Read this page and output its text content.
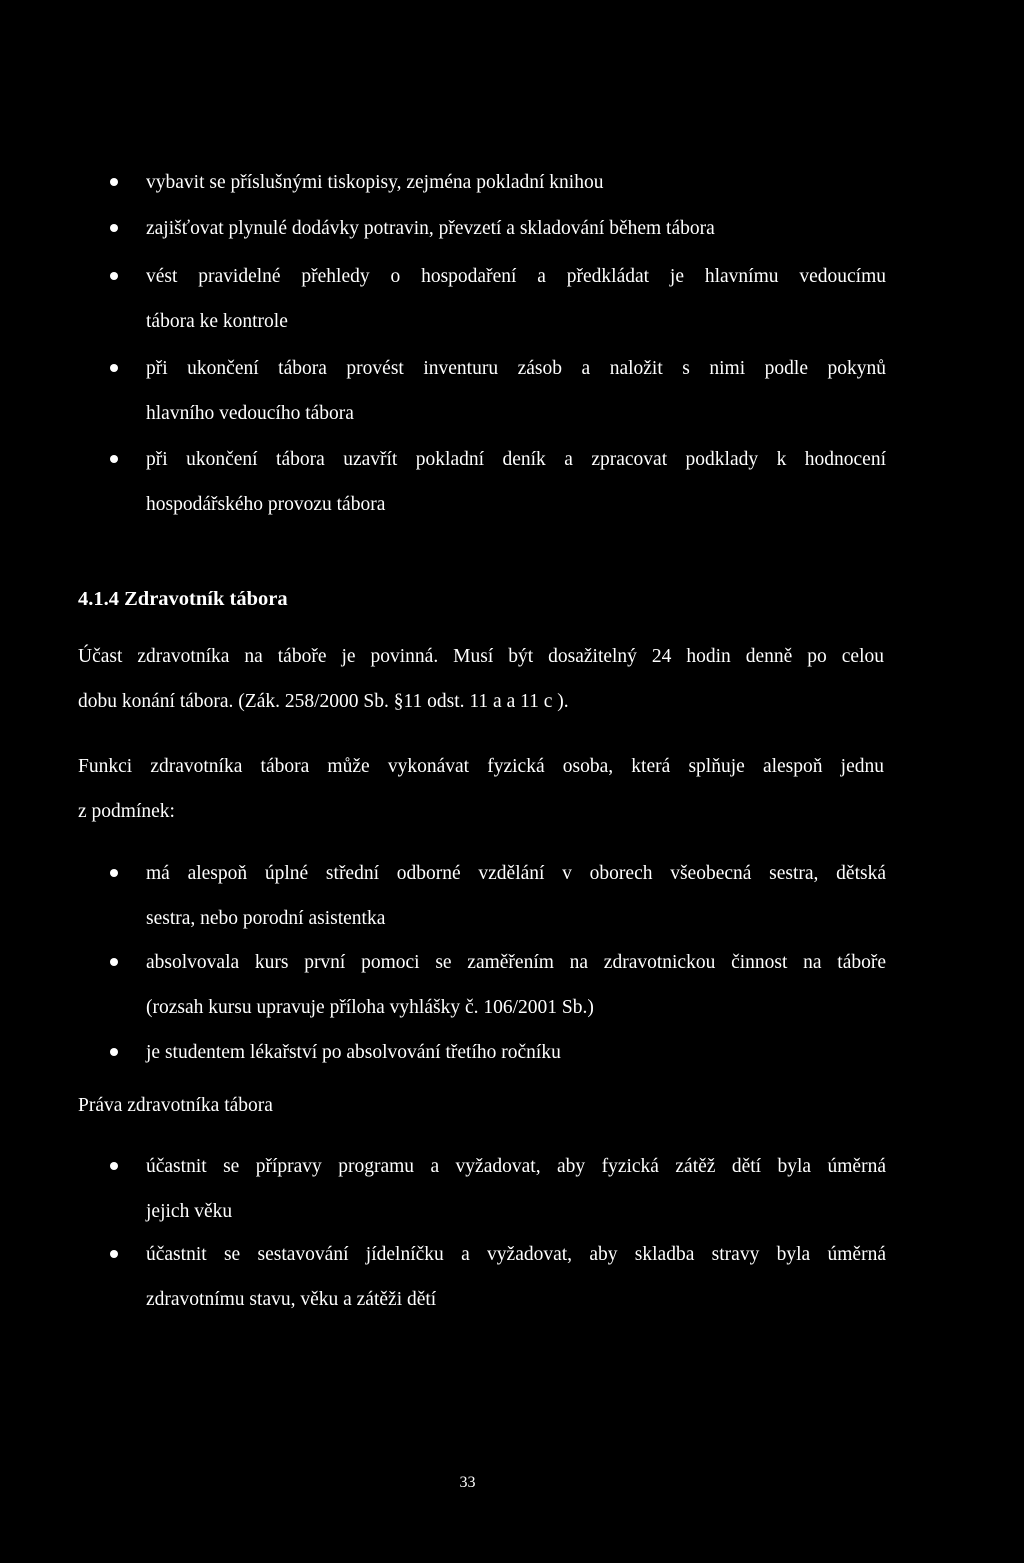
vybavit se příslušnými tiskopisy, zejména pokladní knihou
zajišťovat plynulé dodávky potravin, převzetí a skladování během tábora
vést pravidelné přehledy o hospodaření a předkládat je hlavnímu vedoucímu
tábora ke kontrole
při ukončení tábora provést inventuru zásob a naložit s nimi podle pokynů
hlavního vedoucího tábora
při ukončení tábora uzavřít pokladní deník a zpracovat podklady k hodnocení
hospodářského provozu tábora
4.1.4 Zdravotník tábora
Účast zdravotníka na táboře je povinná. Musí být dosažitelný 24 hodin denně po celou
dobu konání tábora. (Zák. 258/2000 Sb. §11 odst. 11 a a 11 c ).
Funkci zdravotníka tábora může vykonávat fyzická osoba, která splňuje alespoň jednu
z podmínek:
má alespoň úplné střední odborné vzdělání v oborech všeobecná sestra, dětská
sestra, nebo porodní asistentka
absolvovala kurs první pomoci se zaměřením na zdravotnickou činnost na táboře
(rozsah kursu upravuje příloha vyhlášky č. 106/2001 Sb.)
je studentem lékařství po absolvování třetího ročníku
Práva zdravotníka tábora
účastnit se přípravy programu a vyžadovat, aby fyzická zátěž dětí byla úměrná
jejich věku
účastnit se sestavování jídelníčku a vyžadovat, aby skladba stravy byla úměrná
zdravotnímu stavu, věku a zátěži dětí
33
